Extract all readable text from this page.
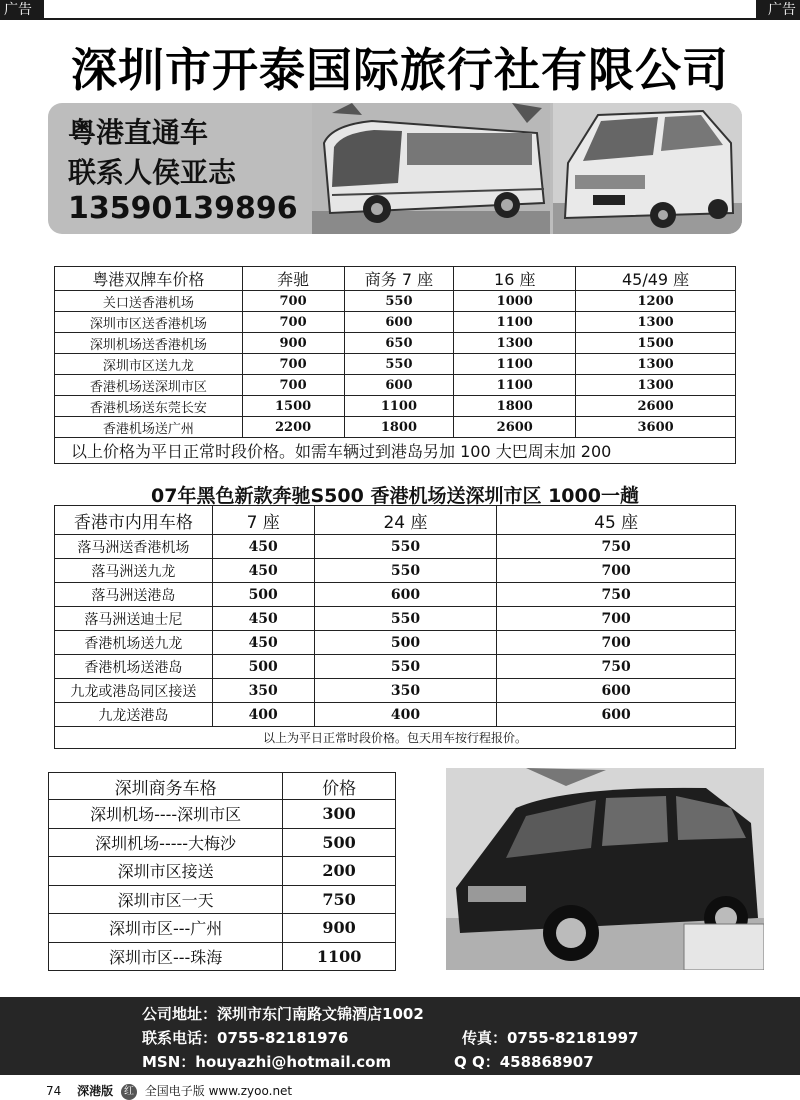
广告	广告
深圳市开泰国际旅行社有限公司
粤港直通车
联系人侯亚志
13590139896
粤港双牌车价格	奔驰	商务 7 座	16 座	45/49 座
关口送香港机场	700	550	1000	1200
深圳市区送香港机场	700	600	1100	1300
深圳机场送香港机场	900	650	1300	1500
深圳市区送九龙	700	550	1100	1300
香港机场送深圳市区	700	600	1100	1300
香港机场送东莞长安	1500	1100	1800	2600
香港机场送广州	2200	1800	2600	3600
以上价格为平日正常时段价格。如需车辆过到港岛另加 100 大巴周末加 200				
07年黑色新款奔驰S500 香港机场送深圳市区 1000一趟
香港市内用车格	7 座	24 座	45 座
落马洲送香港机场	450	550	750
落马洲送九龙	450	550	700
落马洲送港岛	500	600	750
落马洲送迪士尼	450	550	700
香港机场送九龙	450	500	700
香港机场送港岛	500	550	750
九龙或港岛同区接送	350	350	600
九龙送港岛	400	400	600
以上为平日正常时段价格。包天用车按行程报价。			
深圳商务车格	价格
深圳机场----深圳市区	300
深圳机场-----大梅沙	500
深圳市区接送	200
深圳市区一天	750
深圳市区---广州	900
深圳市区---珠海	1100
公司地址：深圳市东门南路文锦酒店1002
联系电话：0755-82181976	传真：0755-82181997
MSN：houyazhi@hotmail.com	Q Q：458868907
74 深港版 红 全国电子版 www.zyoo.net
